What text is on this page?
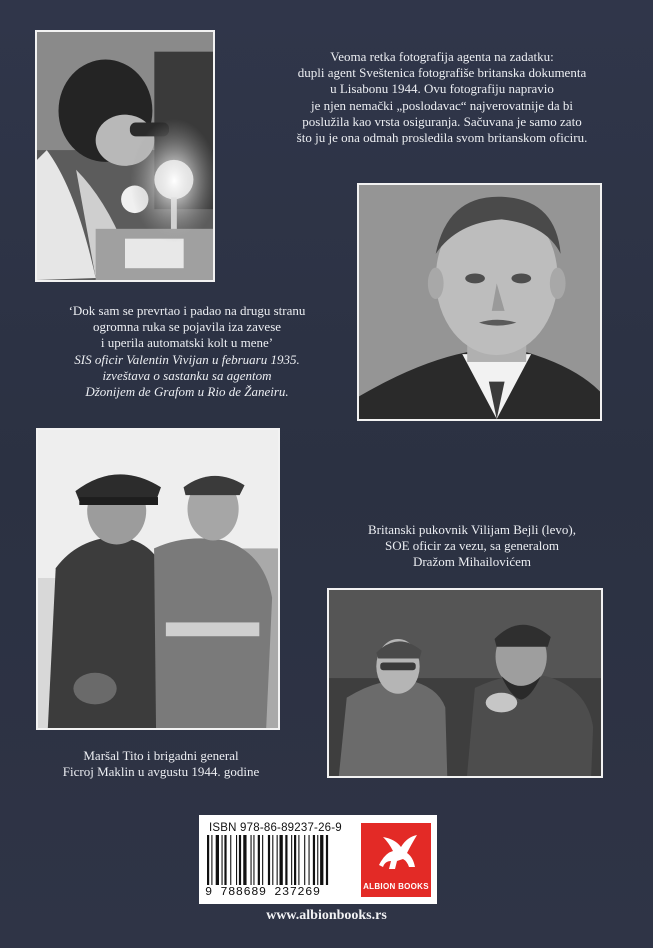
Veoma retka fotografija agenta na zadatku:

dupli agent Sveštenica fotografiše britanska dokumenta

u Lisabonu 1944. Ovu fotografiju napravio

je njen nemački „poslodavac“ najverovatnije da bi

poslužila kao vrsta osiguranja. Sačuvana je samo zato

što ju je ona odmah prosledila svom britanskom oficiru.

‘Dok sam se prevrtao i padao na drugu stranu

ogromna ruka se pojavila iza zavese

i uperila automatski kolt u mene’

SIS oficir Valentin Vivijan u februaru 1935.

izveštava o sastanku sa agentom

Džonijem de Grafom u Rio de Žaneiru.

Britanski pukovnik Vilijam Bejli (levo),

SOE oficir za vezu, sa generalom

Dražom Mihailovićem

Maršal Tito i brigadni general

Ficroj Maklin u avgustu 1944. godine

ISBN 978-86-89237-26-9
9 788689 237269	ALBION BOOKS
www.albionbooks.rs
